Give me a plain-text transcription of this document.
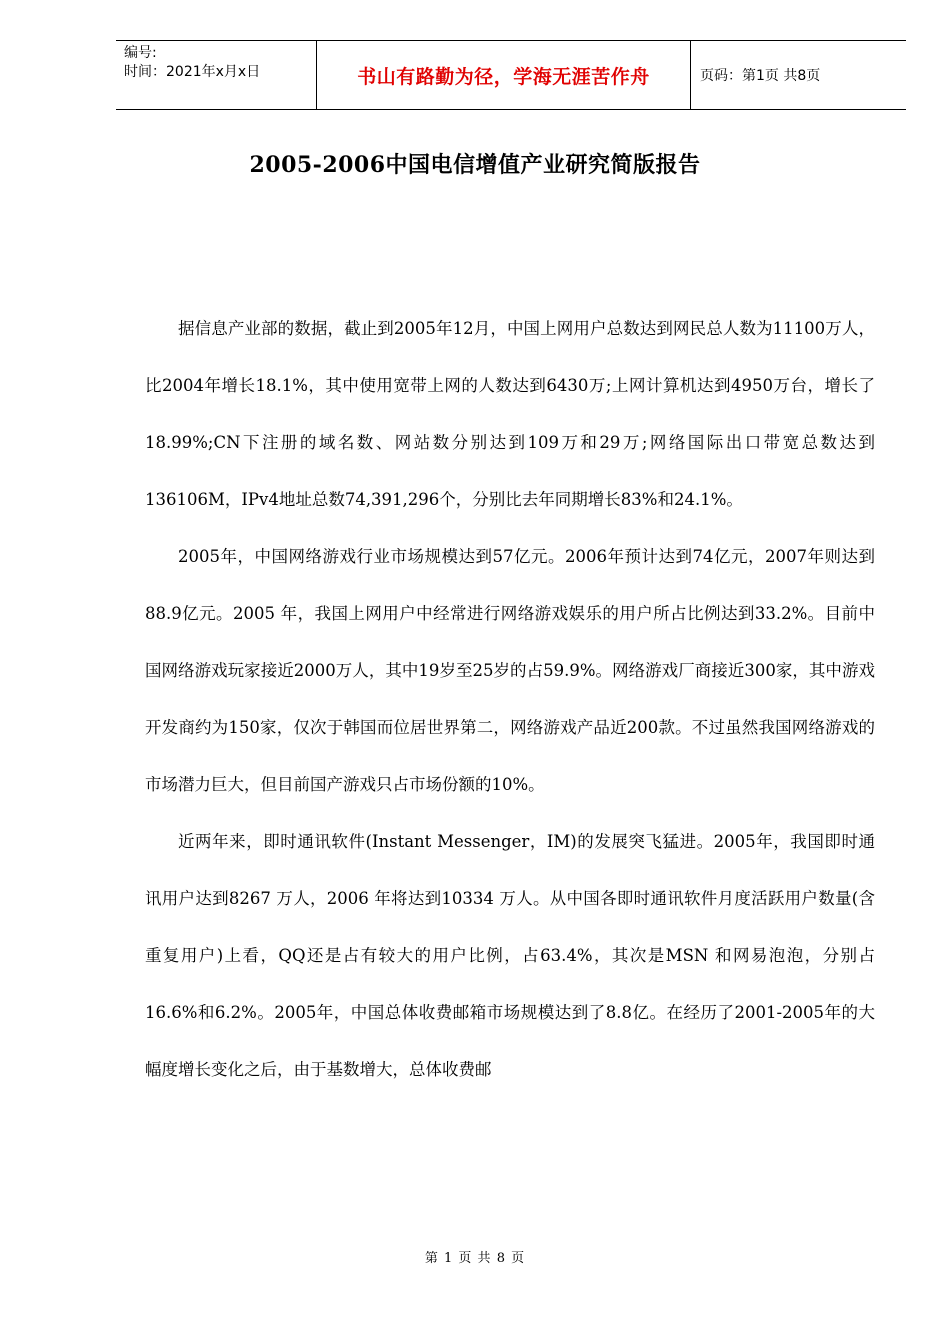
编号:
时间：2021年x月x日	书山有路勤为径，学海无涯苦作舟	页码：第1页 共8页
2005-2006中国电信增值产业研究简版报告

据信息产业部的数据，截止到2005年12月，中国上网用户总数达到网民总人数为11100万人，比2004年增长18.1%，其中使用宽带上网的人数达到6430万;上网计算机达到4950万台，增长了18.99%;CN下注册的域名数、网站数分别达到109万和29万;网络国际出口带宽总数达到136106M，IPv4地址总数74,391,296个，分别比去年同期增长83%和24.1%。

2005年，中国网络游戏行业市场规模达到57亿元。2006年预计达到74亿元，2007年则达到88.9亿元。2005 年，我国上网用户中经常进行网络游戏娱乐的用户所占比例达到33.2%。目前中国网络游戏玩家接近2000万人，其中19岁至25岁的占59.9%。网络游戏厂商接近300家，其中游戏开发商约为150家，仅次于韩国而位居世界第二，网络游戏产品近200款。不过虽然我国网络游戏的市场潜力巨大，但目前国产游戏只占市场份额的10%。

近两年来，即时通讯软件(Instant Messenger，IM)的发展突飞猛进。2005年，我国即时通讯用户达到8267 万人，2006 年将达到10334 万人。从中国各即时通讯软件月度活跃用户数量(含重复用户)上看，QQ还是占有较大的用户比例，占63.4%，其次是MSN 和网易泡泡，分别占16.6%和6.2%。2005年，中国总体收费邮箱市场规模达到了8.8亿。在经历了2001-2005年的大幅度增长变化之后，由于基数增大，总体收费邮

第 1 页 共 8 页
